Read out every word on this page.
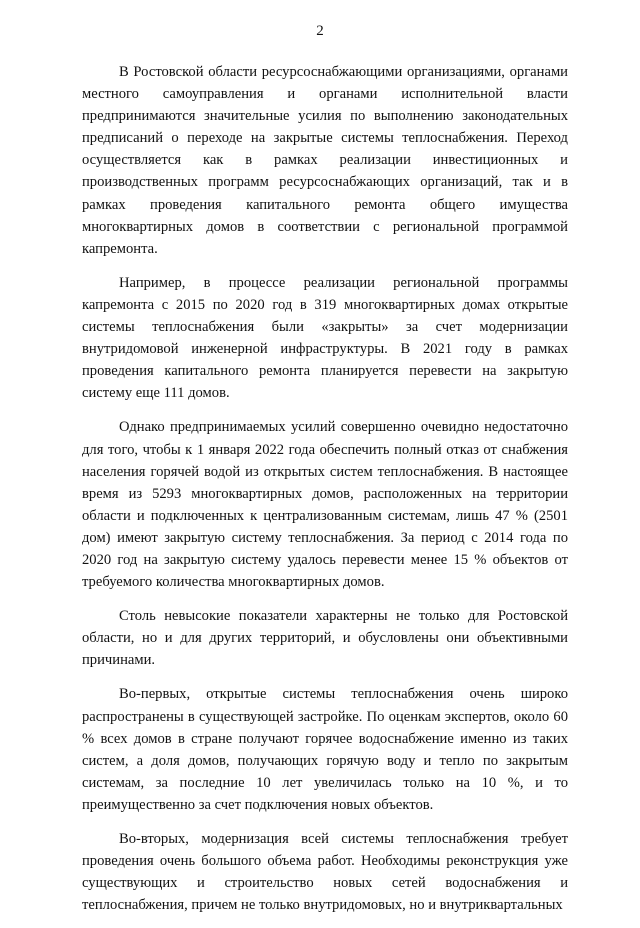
2

В Ростовской области ресурсоснабжающими организациями, органами местного самоуправления и органами исполнительной власти предпринимаются значительные усилия по выполнению законодательных предписаний о переходе на закрытые системы теплоснабжения. Переход осуществляется как в рамках реализации инвестиционных и производственных программ ресурсоснабжающих организаций, так и в рамках проведения капитального ремонта общего имущества многоквартирных домов в соответствии с региональной программой капремонта.

Например, в процессе реализации региональной программы капремонта с 2015 по 2020 год в 319 многоквартирных домах открытые системы теплоснабжения были «закрыты» за счет модернизации внутридомовой инженерной инфраструктуры. В 2021 году в рамках проведения капитального ремонта планируется перевести на закрытую систему еще 111 домов.

Однако предпринимаемых усилий совершенно очевидно недостаточно для того, чтобы к 1 января 2022 года обеспечить полный отказ от снабжения населения горячей водой из открытых систем теплоснабжения. В настоящее время из 5293 многоквартирных домов, расположенных на территории области и подключенных к централизованным системам, лишь 47 % (2501 дом) имеют закрытую систему теплоснабжения. За период с 2014 года по 2020 год на закрытую систему удалось перевести менее 15 % объектов от требуемого количества многоквартирных домов.

Столь невысокие показатели характерны не только для Ростовской области, но и для других территорий, и обусловлены они объективными причинами.

Во-первых, открытые системы теплоснабжения очень широко распространены в существующей застройке. По оценкам экспертов, около 60 % всех домов в стране получают горячее водоснабжение именно из таких систем, а доля домов, получающих горячую воду и тепло по закрытым системам, за последние 10 лет увеличилась только на 10 %, и то преимущественно за счет подключения новых объектов.

Во-вторых, модернизация всей системы теплоснабжения требует проведения очень большого объема работ. Необходимы реконструкция уже существующих и строительство новых сетей водоснабжения и теплоснабжения, причем не только внутридомовых, но и внутриквартальных
